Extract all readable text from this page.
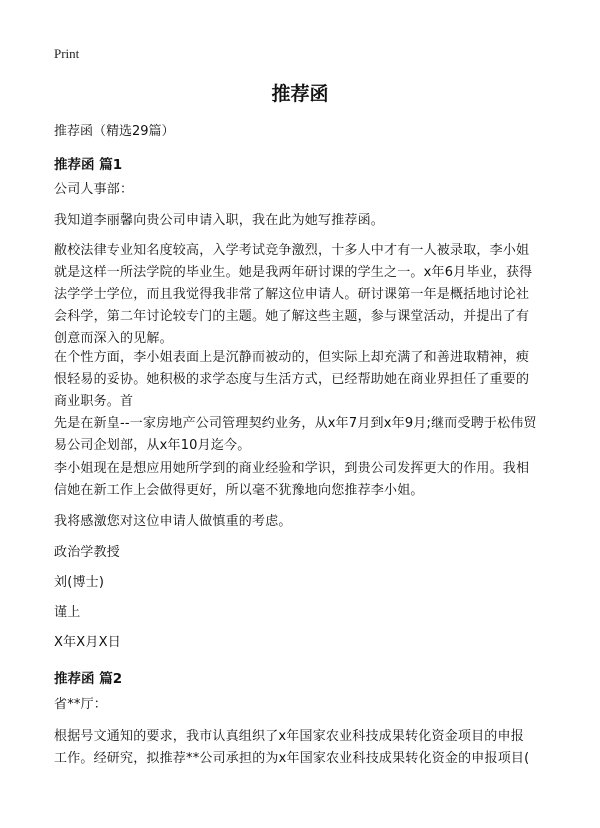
Print
推荐函

推荐函（精选29篇）

推荐函 篇1

公司人事部：

我知道李丽馨向贵公司申请入职，我在此为她写推荐函。

敝校法律专业知名度较高，入学考试竞争激烈，十多人中才有一人被录取，李小姐
就是这样一所法学院的毕业生。她是我两年研讨课的学生之一。x年6月毕业，获得
法学学士学位，而且我觉得我非常了解这位申请人。研讨课第一年是概括地讨论社
会科学，第二年讨论较专门的主题。她了解这些主题，参与课堂活动，并提出了有
创意而深入的见解。

在个性方面，李小姐表面上是沉静而被动的，但实际上却充满了和善进取精神，瘐
恨轻易的妥协。她积极的求学态度与生活方式，已经帮助她在商业界担任了重要的
商业职务。首

先是在新皇--一家房地产公司管理契约业务，从x年7月到x年9月;继而受聘于松伟贸
易公司企划部，从x年10月迄今。

李小姐现在是想应用她所学到的商业经验和学识，到贵公司发挥更大的作用。我相
信她在新工作上会做得更好，所以毫不犹豫地向您推荐李小姐。

我将感激您对这位申请人做慎重的考虑。

政治学教授

刘(博士)

谨上

X年X月X日

推荐函 篇2

省**厅：

根据号文通知的要求，我市认真组织了x年国家农业科技成果转化资金项目的申报
工作。经研究，拟推荐**公司承担的为x年国家农业科技成果转化资金的申报项目(
